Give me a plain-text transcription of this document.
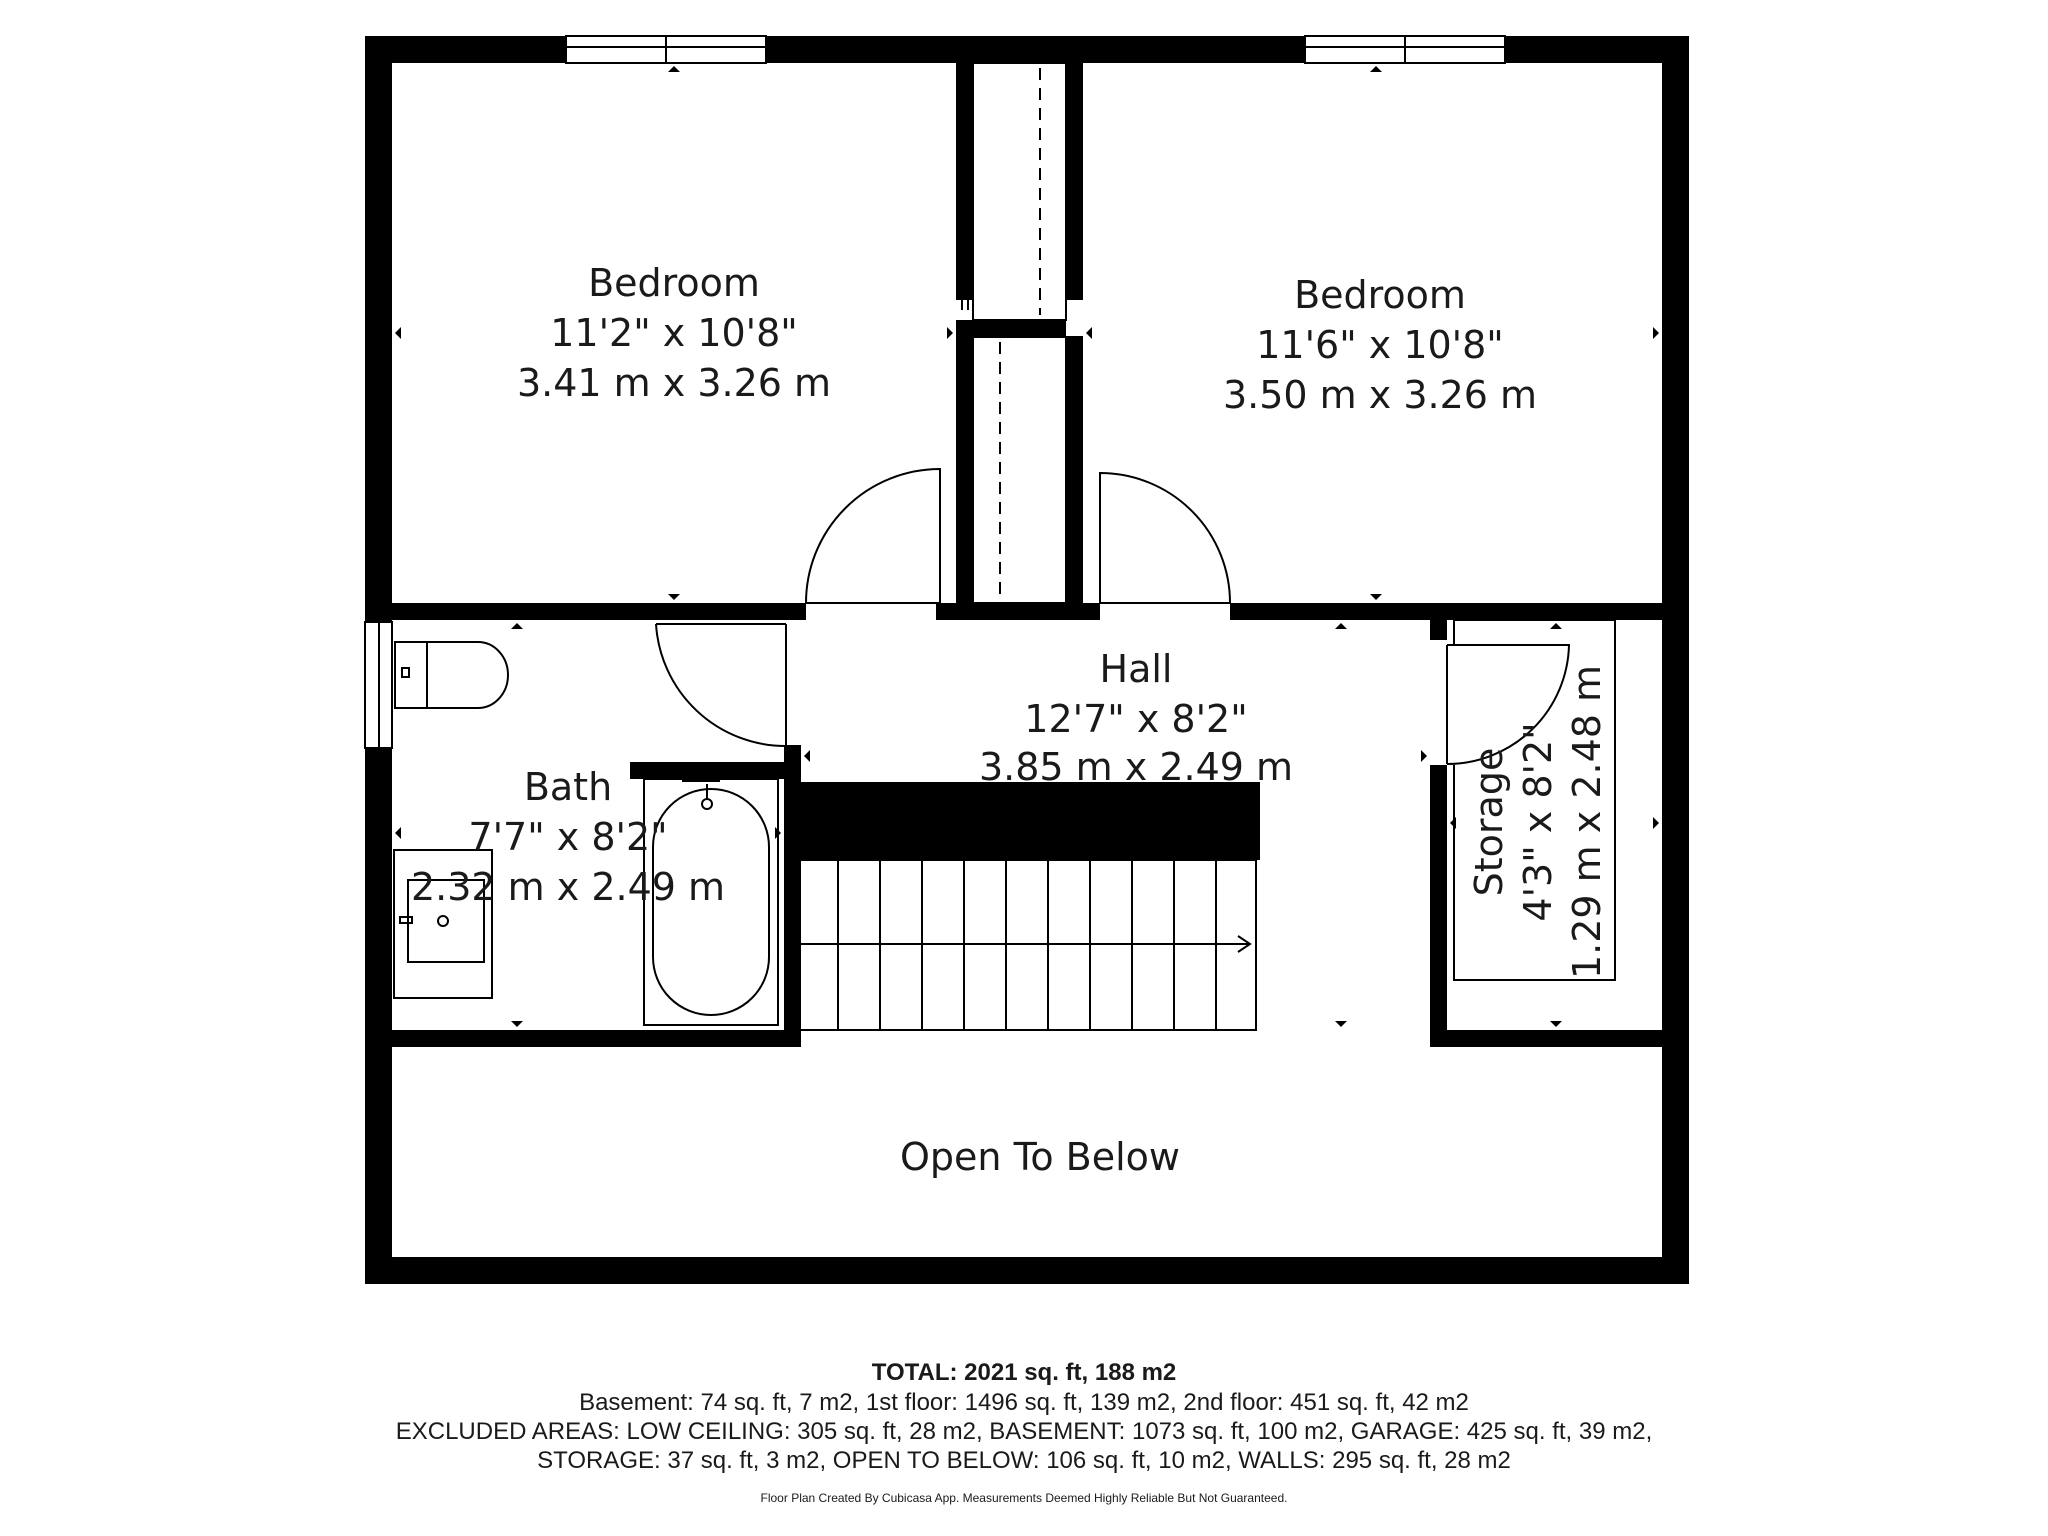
Bedroom
11'2" x 10'8"
3.41 m x 3.26 m
Bedroom
11'6" x 10'8"
3.50 m x 3.26 m
Hall
12'7" x 8'2"
3.85 m x 2.49 m
Bath
7'7" x 8'2"
2.32 m x 2.49 m	Storage 4'3" x 8'2" 1.29 m x 2.48 m
Open To Below
TOTAL: 2021 sq. ft, 188 m2
Basement: 74 sq. ft, 7 m2, 1st floor: 1496 sq. ft, 139 m2, 2nd floor: 451 sq. ft, 42 m2
EXCLUDED AREAS: LOW CEILING: 305 sq. ft, 28 m2, BASEMENT: 1073 sq. ft, 100 m2, GARAGE: 425 sq. ft, 39 m2,
STORAGE: 37 sq. ft, 3 m2, OPEN TO BELOW: 106 sq. ft, 10 m2, WALLS: 295 sq. ft, 28 m2
Floor Plan Created By Cubicasa App. Measurements Deemed Highly Reliable But Not Guaranteed.
